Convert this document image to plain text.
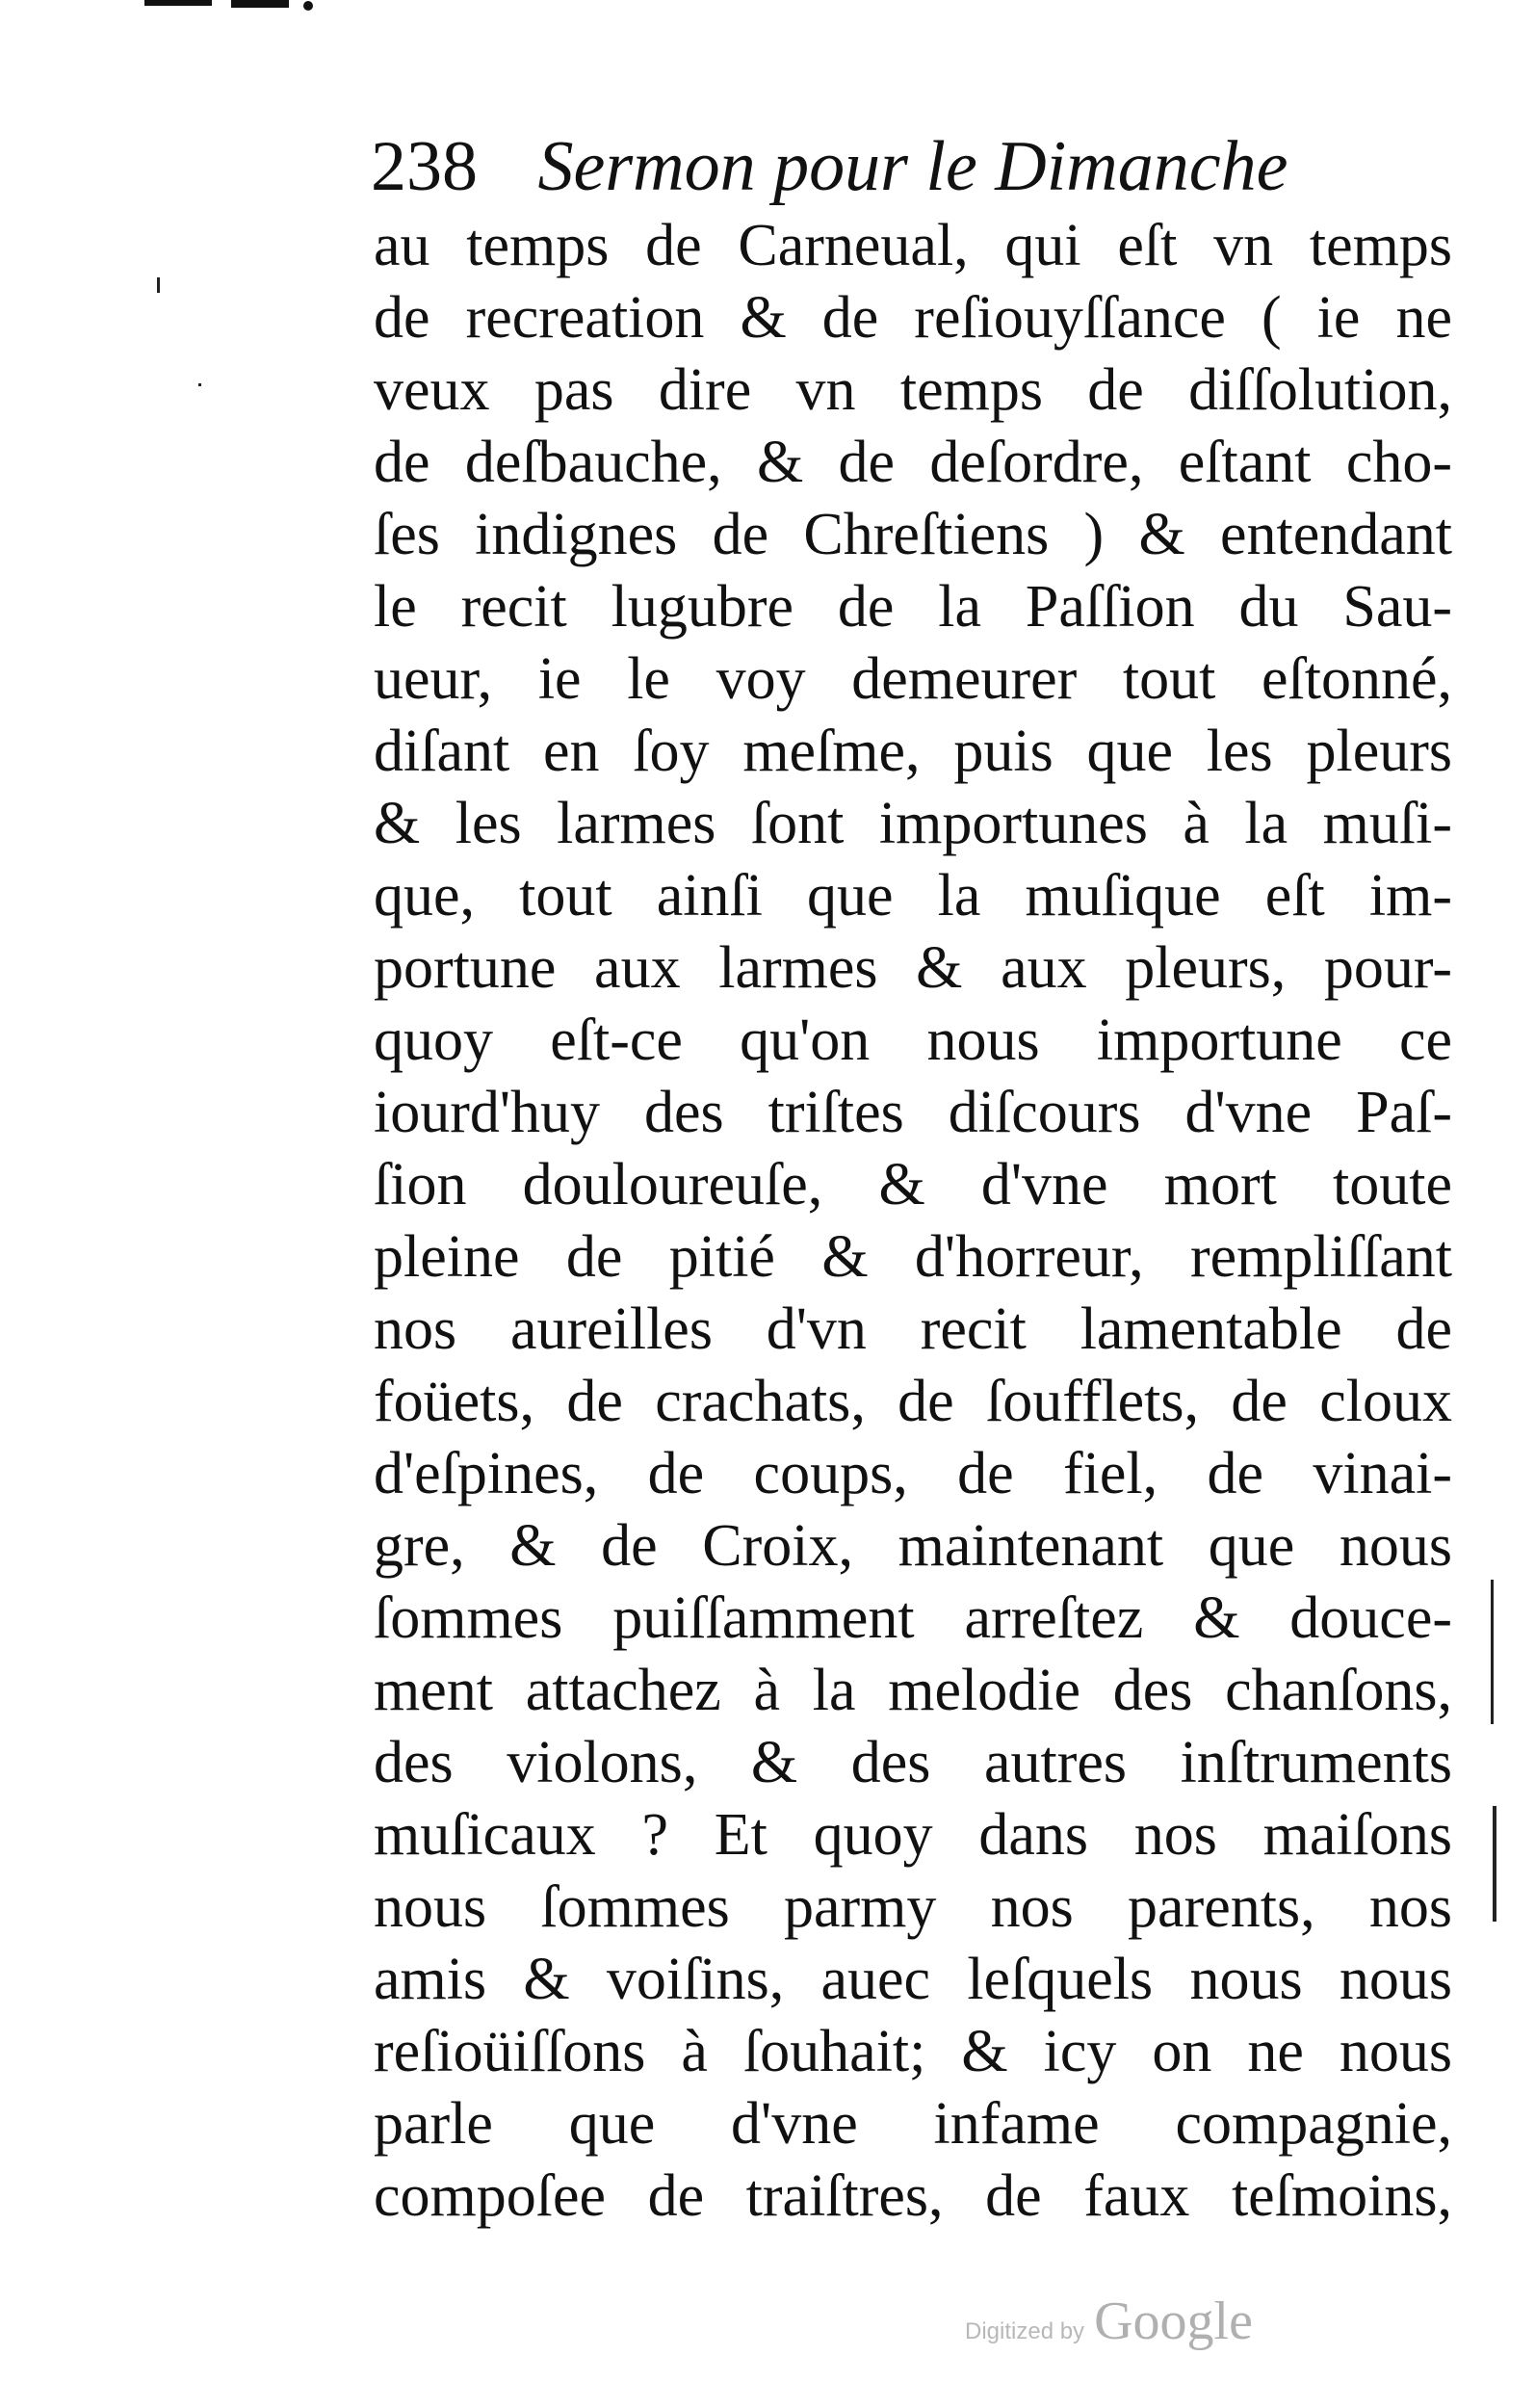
238 Sermon pour le Dimanche
au temps de Carneual, qui eſt vn temps
de recreation & de reſiouyſſance ( ie ne
veux pas dire vn temps de diſſolution,
de deſbauche, & de deſordre, eſtant cho-
ſes indignes de Chreſtiens ) & entendant
le recit lugubre de la Paſſion du Sau-
ueur, ie le voy demeurer tout eſtonné,
diſant en ſoy meſme, puis que les pleurs
& les larmes ſont importunes à la muſi-
que, tout ainſi que la muſique eſt im-
portune aux larmes & aux pleurs, pour-
quoy eſt-ce qu'on nous importune ce
iourd'huy des triſtes diſcours d'vne Paſ-
ſion douloureuſe, & d'vne mort toute
pleine de pitié & d'horreur, rempliſſant
nos aureilles d'vn recit lamentable de
foüets, de crachats, de ſoufflets, de cloux
d'eſpines, de coups, de fiel, de vinai-
gre, & de Croix, maintenant que nous
ſommes puiſſamment arreſtez & douce-
ment attachez à la melodie des chanſons,
des violons, & des autres inſtruments
muſicaux ? Et quoy dans nos maiſons
nous ſommes parmy nos parents, nos
amis & voiſins, auec leſquels nous nous
reſioüiſſons à ſouhait; & icy on ne nous
parle que d'vne infame compagnie,
compoſee de traiſtres, de faux teſmoins,
Digitized by Google
